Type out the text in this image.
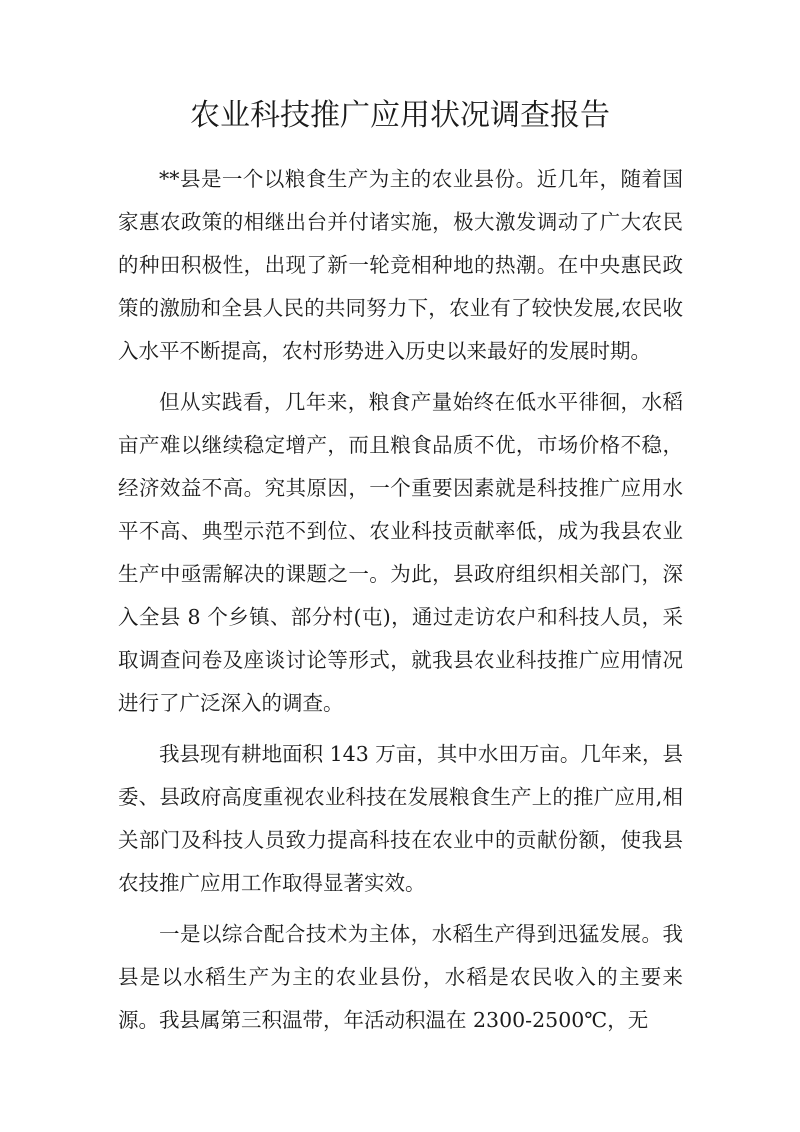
农业科技推广应用状况调查报告

**县是一个以粮食生产为主的农业县份。近几年，随着国家惠农政策的相继出台并付诸实施，极大激发调动了广大农民的种田积极性，出现了新一轮竞相种地的热潮。在中央惠民政策的激励和全县人民的共同努力下，农业有了较快发展,农民收入水平不断提高，农村形势进入历史以来最好的发展时期。

但从实践看，几年来，粮食产量始终在低水平徘徊，水稻亩产难以继续稳定增产，而且粮食品质不优，市场价格不稳，经济效益不高。究其原因，一个重要因素就是科技推广应用水平不高、典型示范不到位、农业科技贡献率低，成为我县农业生产中亟需解决的课题之一。为此，县政府组织相关部门，深入全县 8 个乡镇、部分村(屯)，通过走访农户和科技人员，采取调查问卷及座谈讨论等形式，就我县农业科技推广应用情况进行了广泛深入的调查。

我县现有耕地面积 143 万亩，其中水田万亩。几年来，县委、县政府高度重视农业科技在发展粮食生产上的推广应用,相关部门及科技人员致力提高科技在农业中的贡献份额，使我县农技推广应用工作取得显著实效。

一是以综合配合技术为主体，水稻生产得到迅猛发展。我县是以水稻生产为主的农业县份，水稻是农民收入的主要来源。我县属第三积温带，年活动积温在 2300-2500℃，无
